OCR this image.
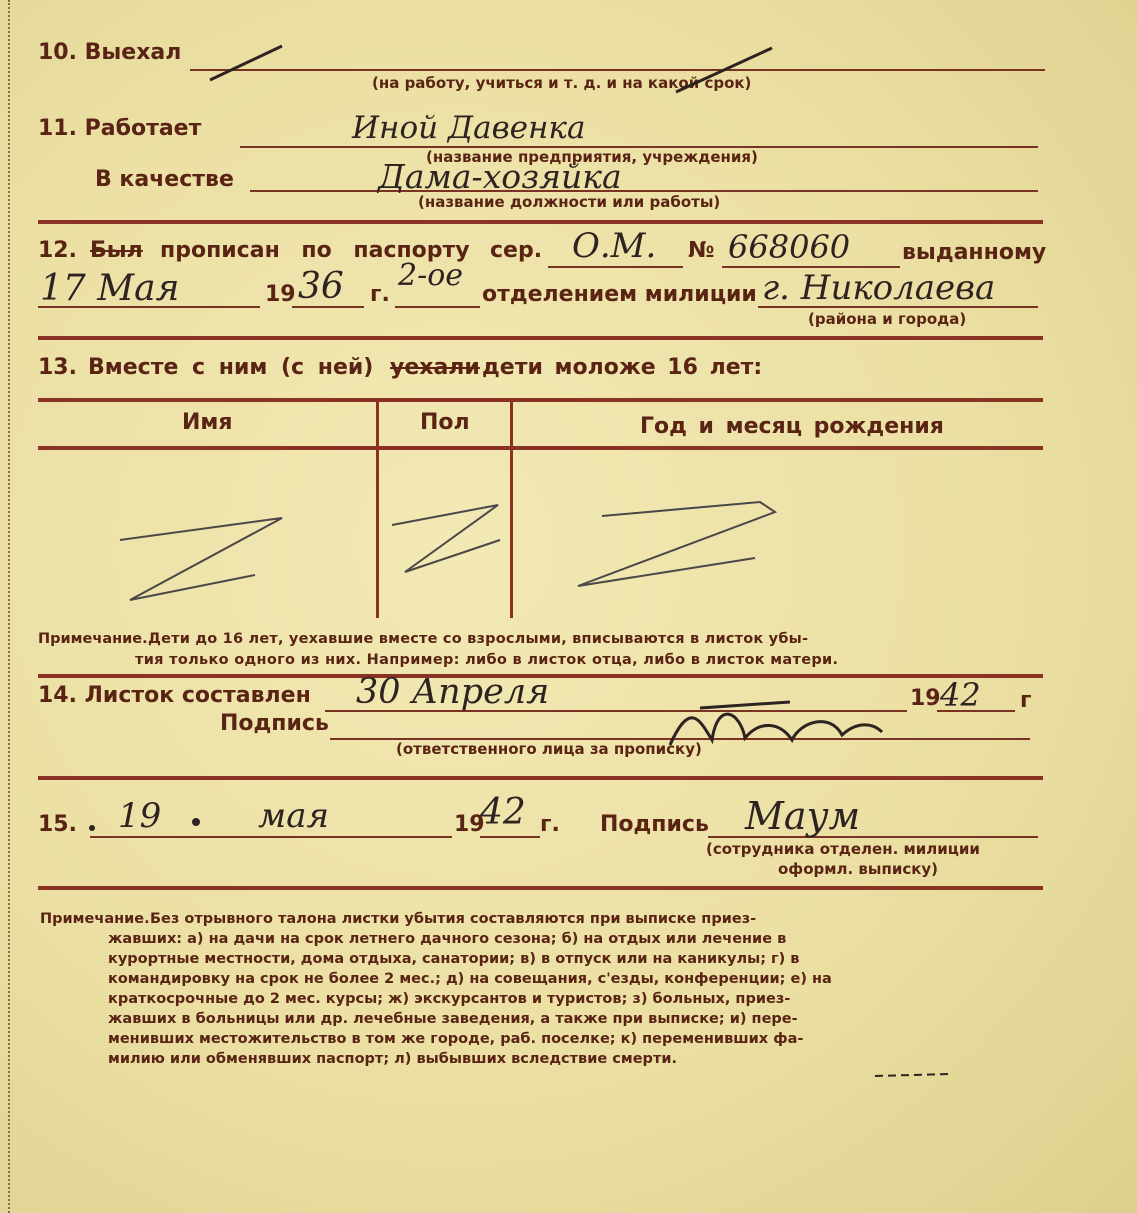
10. Выехал
(на работу, учиться и т. д. и на какой срок)
11. Работает	Иной Давенка
(название предприятия, учреждения)
В качестве	Дама-хозяйка
(название должности или работы)
12. Был прописан по паспорту сер. О.М. № 668060 выданному
17 Мая	19 36 г.
2-ое
отделением милиции г. Николаева
(района и города)
13. Вместе с ним (с ней) уехали дети моложе 16 лет:
Имя	Пол	Год и месяц рождения
Примечание. Дети до 16 лет, уехавшие вместе со взрослыми, вписываются в листок убы-
тия только одного из них. Например: либо в листок отца, либо в листок матери.
14. Листок составлен 30 Апреля	19 42 г
Подпись
(ответственного лица за прописку)
15. 19	мая	19
42 г. Подпись Маум
(сотрудника отделен. милиции
оформл. выписку)
Примечание. Без отрывного талона листки убытия составляются при выписке приез-
жавших: а) на дачи на срок летнего дачного сезона; б) на отдых или лечение в
курортные местности, дома отдыха, санатории; в) в отпуск или на каникулы; г) в
командировку на срок не более 2 мес.; д) на совещания, с'езды, конференции; е) на
краткосрочные до 2 мес. курсы; ж) экскурсантов и туристов; з) больных, приез-
жавших в больницы или др. лечебные заведения, а также при выписке; и) пере-
менивших местожительство в том же городе, раб. поселке; к) переменивших фа-
милию или обменявших паспорт; л) выбывших вследствие смерти.
